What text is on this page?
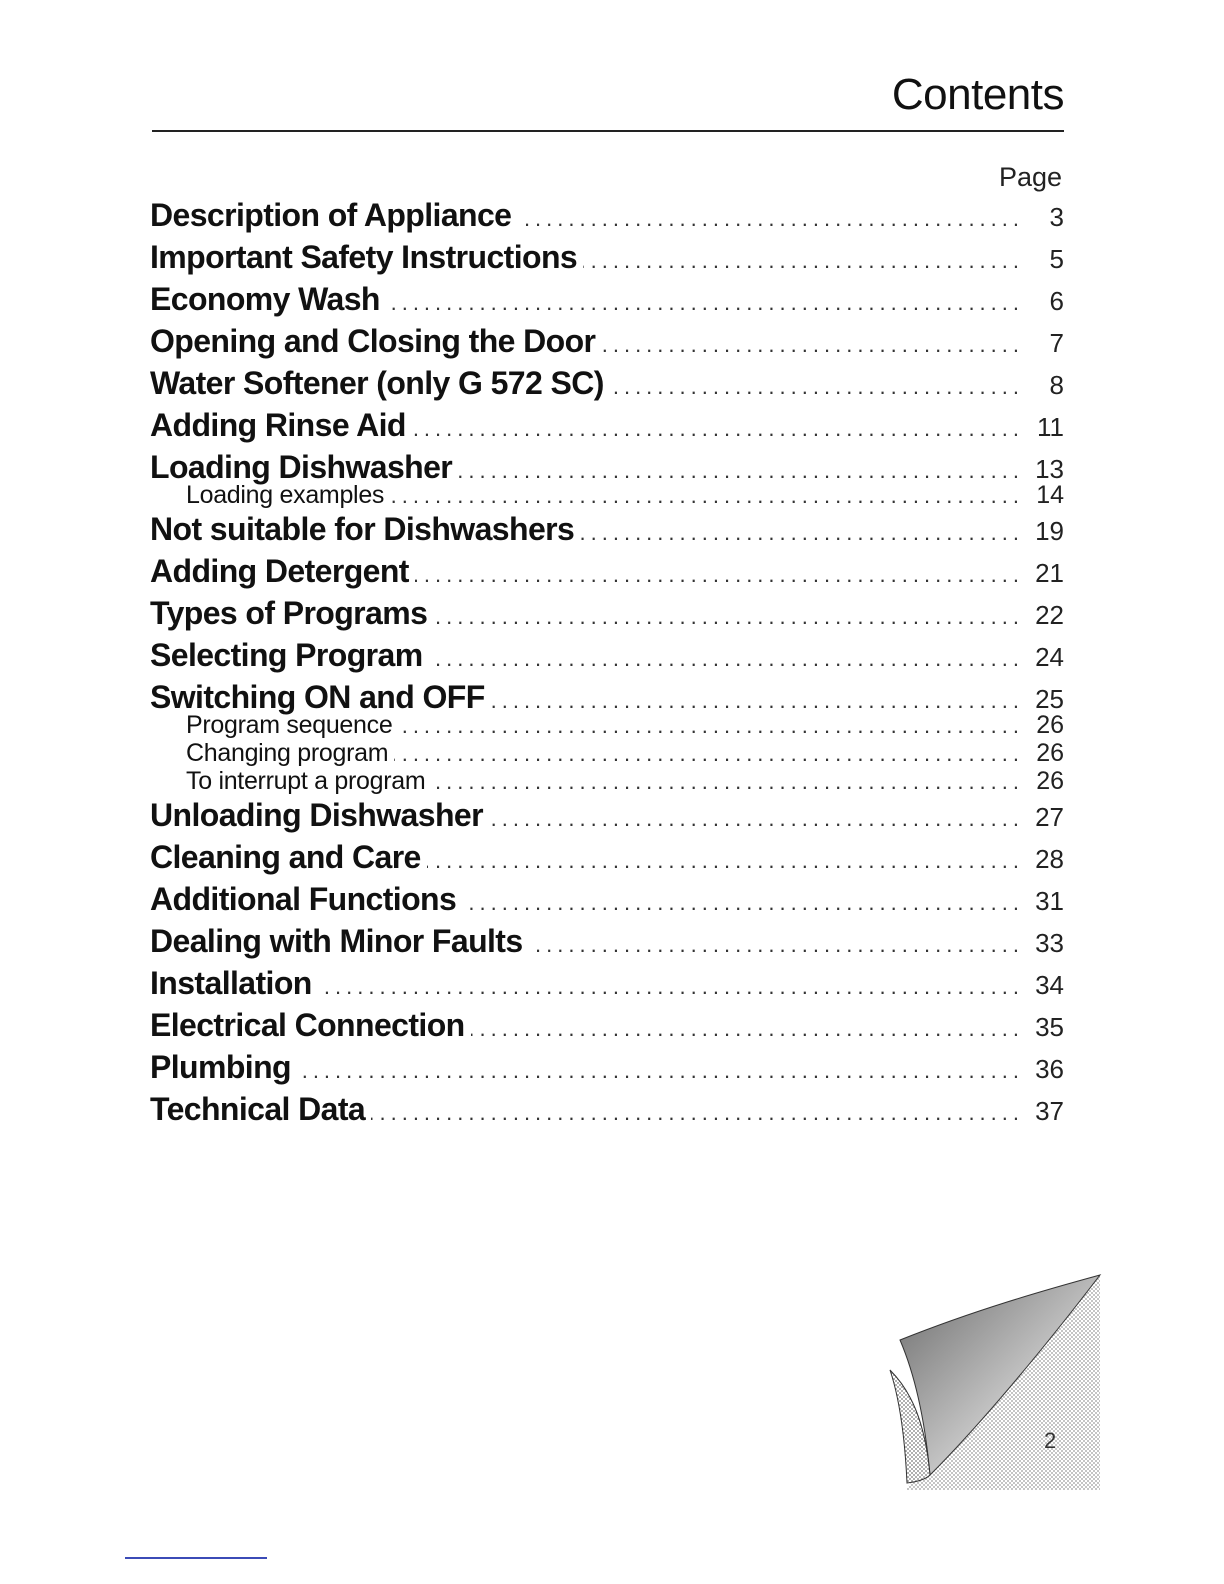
Contents
Page
Description of Appliance .....	3
Important Safety Instructions .....	5
Economy Wash .....	6
Opening and Closing the Door .....	7
Water Softener (only G 572 SC) .....	8
Adding Rinse Aid .....	11
Loading Dishwasher .....	13
Loading examples .....	14
Not suitable for Dishwashers .....	19
Adding Detergent .....	21
Types of Programs .....	22
Selecting Program .....	24
Switching ON and OFF .....	25
Program sequence .....	26
Changing program .....	26
To interrupt a program .....	26
Unloading Dishwasher .....	27
Cleaning and Care .....	28
Additional Functions .....	31
Dealing with Minor Faults .....	33
Installation .....	34
Electrical Connection .....	35
Plumbing .....	36
Technical Data .....	37
2
